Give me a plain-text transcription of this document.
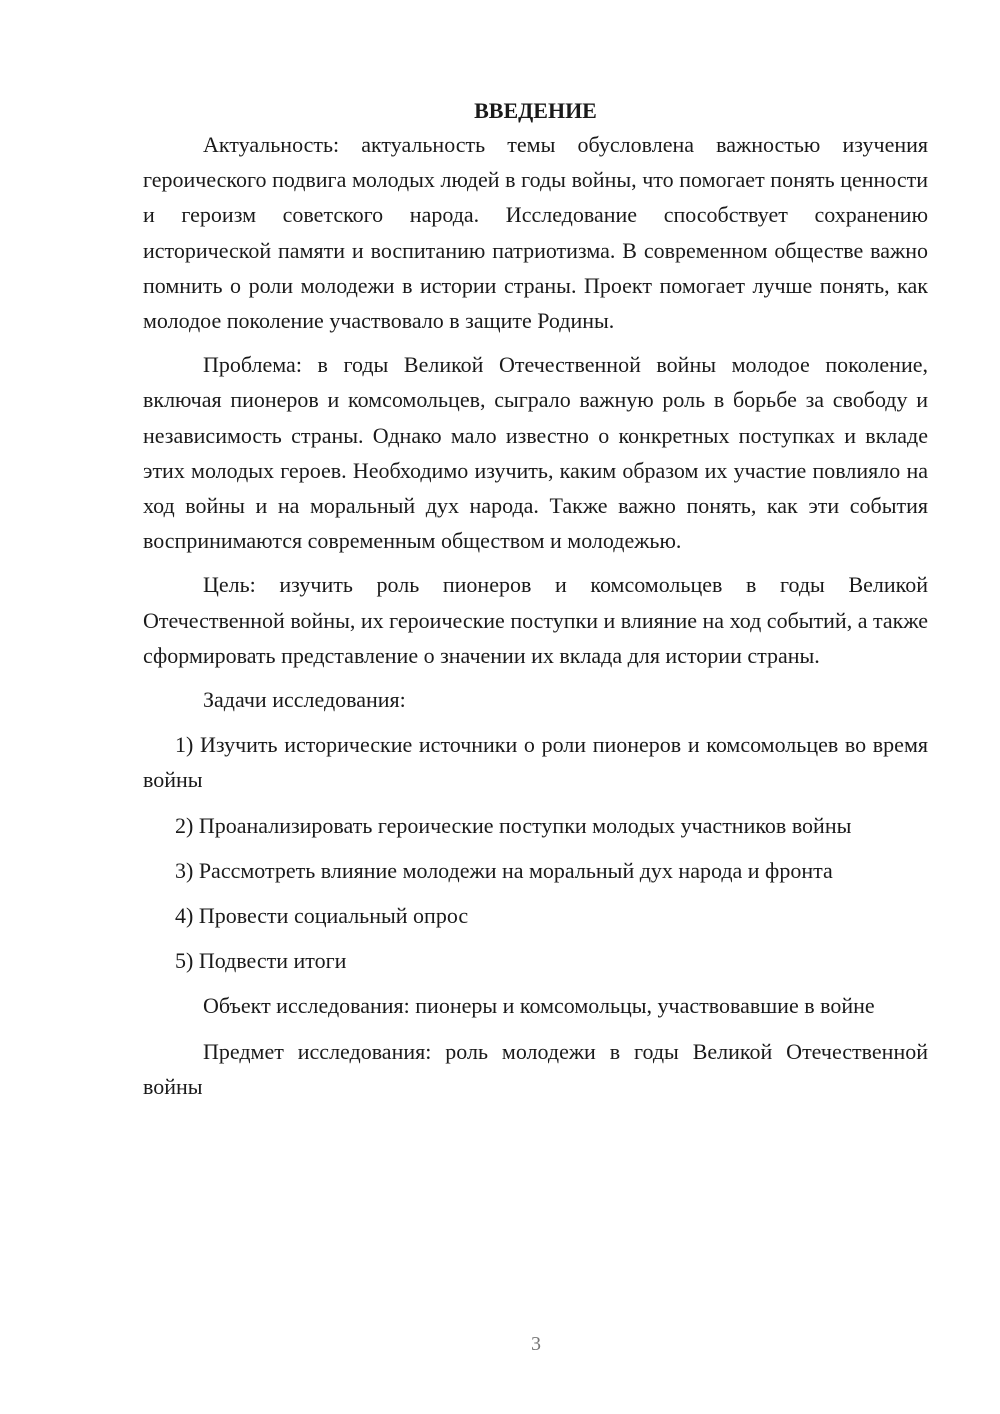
ВВЕДЕНИЕ

Актуальность: актуальность темы обусловлена важностью изучения героического подвига молодых людей в годы войны, что помогает понять ценности и героизм советского народа. Исследование способствует сохранению исторической памяти и воспитанию патриотизма. В современном обществе важно помнить о роли молодежи в истории страны. Проект помогает лучше понять, как молодое поколение участвовало в защите Родины.

Проблема: в годы Великой Отечественной войны молодое поколение, включая пионеров и комсомольцев, сыграло важную роль в борьбе за свободу и независимость страны. Однако мало известно о конкретных поступках и вкладе этих молодых героев. Необходимо изучить, каким образом их участие повлияло на ход войны и на моральный дух народа. Также важно понять, как эти события воспринимаются современным обществом и молодежью.

Цель: изучить роль пионеров и комсомольцев в годы Великой Отечественной войны, их героические поступки и влияние на ход событий, а также сформировать представление о значении их вклада для истории страны.

Задачи исследования:

1) Изучить исторические источники о роли пионеров и комсомольцев во время войны

2) Проанализировать героические поступки молодых участников войны

3) Рассмотреть влияние молодежи на моральный дух народа и фронта

4) Провести социальный опрос

5) Подвести итоги

Объект исследования: пионеры и комсомольцы, участвовавшие в войне

Предмет исследования: роль молодежи в годы Великой Отечественной войны

3
